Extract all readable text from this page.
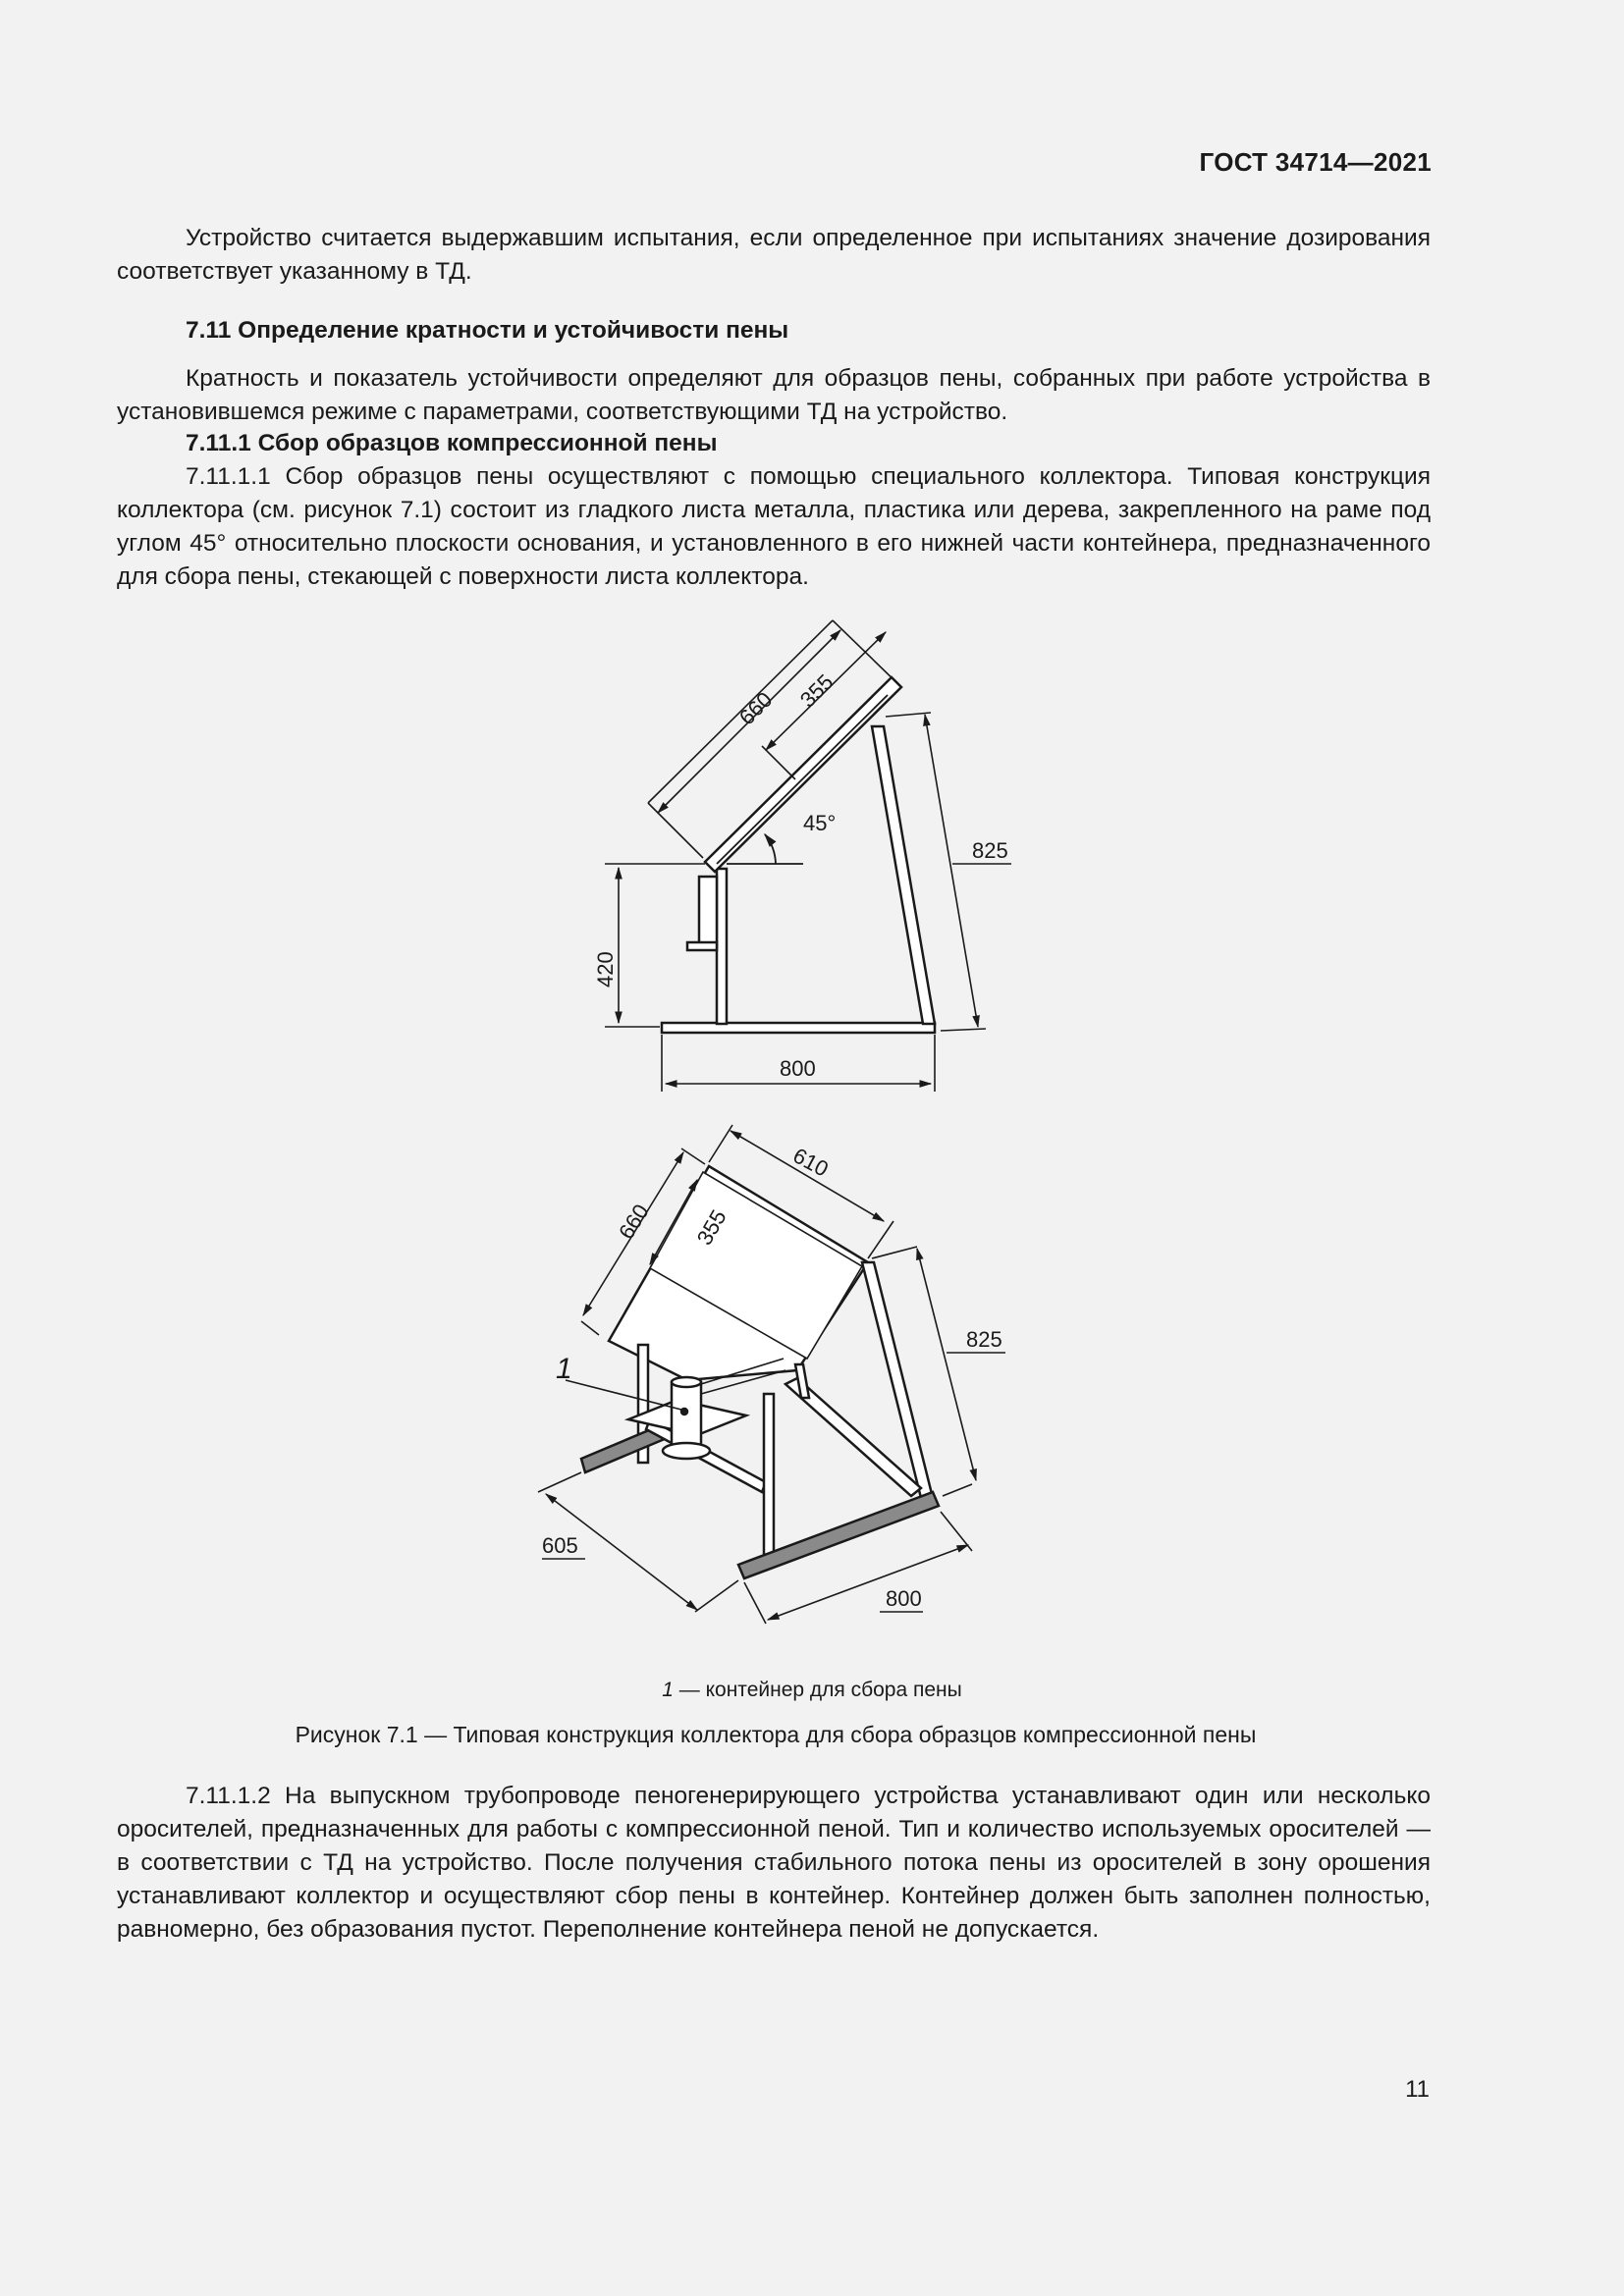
ГОСТ 34714—2021
Устройство считается выдержавшим испытания, если определенное при испытаниях значение дозирования соответствует указанному в ТД.
7.11 Определение кратности и устойчивости пены
Кратность и показатель устойчивости определяют для образцов пены, собранных при работе устройства в установившемся режиме с параметрами, соответствующими ТД на устройство.
7.11.1 Сбор образцов компрессионной пены
7.11.1.1 Сбор образцов пены осуществляют с помощью специального коллектора. Типовая конструкция коллектора (см. рисунок 7.1) состоит из гладкого листа металла, пластика или дерева, закрепленного на раме под углом 45° относительно плоскости основания, и установленного в его нижней части контейнера, предназначенного для сбора пены, стекающей с поверхности листа коллектора.
660 355
45°
825
420
800
610
660 355
825
605
800
1
1 — контейнер для сбора пены
Рисунок 7.1 — Типовая конструкция коллектора для сбора образцов компрессионной пены
7.11.1.2 На выпускном трубопроводе пеногенерирующего устройства устанавливают один или несколько оросителей, предназначенных для работы с компрессионной пеной. Тип и количество используемых оросителей — в соответствии с ТД на устройство. После получения стабильного потока пены из оросителей в зону орошения устанавливают коллектор и осуществляют сбор пены в контейнер. Контейнер должен быть заполнен полностью, равномерно, без образования пустот. Переполнение контейнера пеной не допускается.
11
